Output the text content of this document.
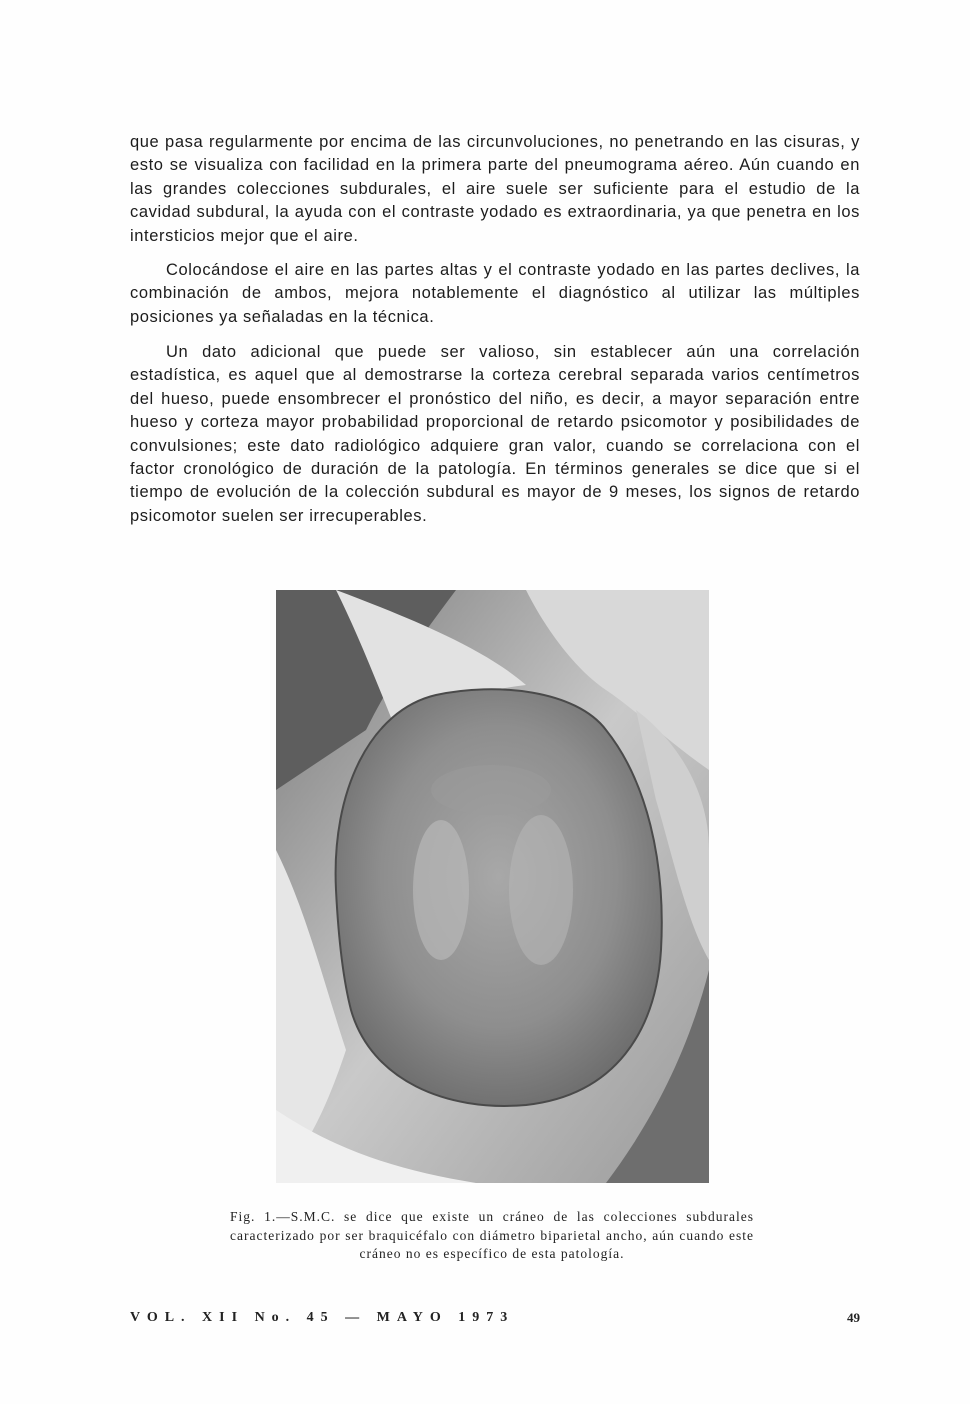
que pasa regularmente por encima de las circunvoluciones, no penetrando en las cisuras, y esto se visualiza con facilidad en la primera parte del pneumograma aéreo. Aún cuando en las grandes colecciones subdurales, el aire suele ser suficiente para el estudio de la cavidad subdural, la ayuda con el contraste yodado es extraordinaria, ya que penetra en los intersticios mejor que el aire.

Colocándose el aire en las partes altas y el contraste yodado en las partes declives, la combinación de ambos, mejora notablemente el diagnóstico al utilizar las múltiples posiciones ya señaladas en la técnica.

Un dato adicional que puede ser valioso, sin establecer aún una correlación estadística, es aquel que al demostrarse la corteza cerebral separada varios centímetros del hueso, puede ensombrecer el pronóstico del niño, es decir, a mayor separación entre hueso y corteza mayor probabilidad proporcional de retardo psicomotor y posibilidades de convulsiones; este dato radiológico adquiere gran valor, cuando se correlaciona con el factor cronológico de duración de la patología. En términos generales se dice que si el tiempo de evolución de la colección subdural es mayor de 9 meses, los signos de retardo psicomotor suelen ser irrecuperables.

Fig. 1.—S.M.C. se dice que existe un cráneo de las colecciones subdurales caracterizado por ser braquicéfalo con diámetro biparietal ancho, aún cuando este cráneo no es específico de esta patología.

VOL. XII No. 45 — MAYO 1973	49
